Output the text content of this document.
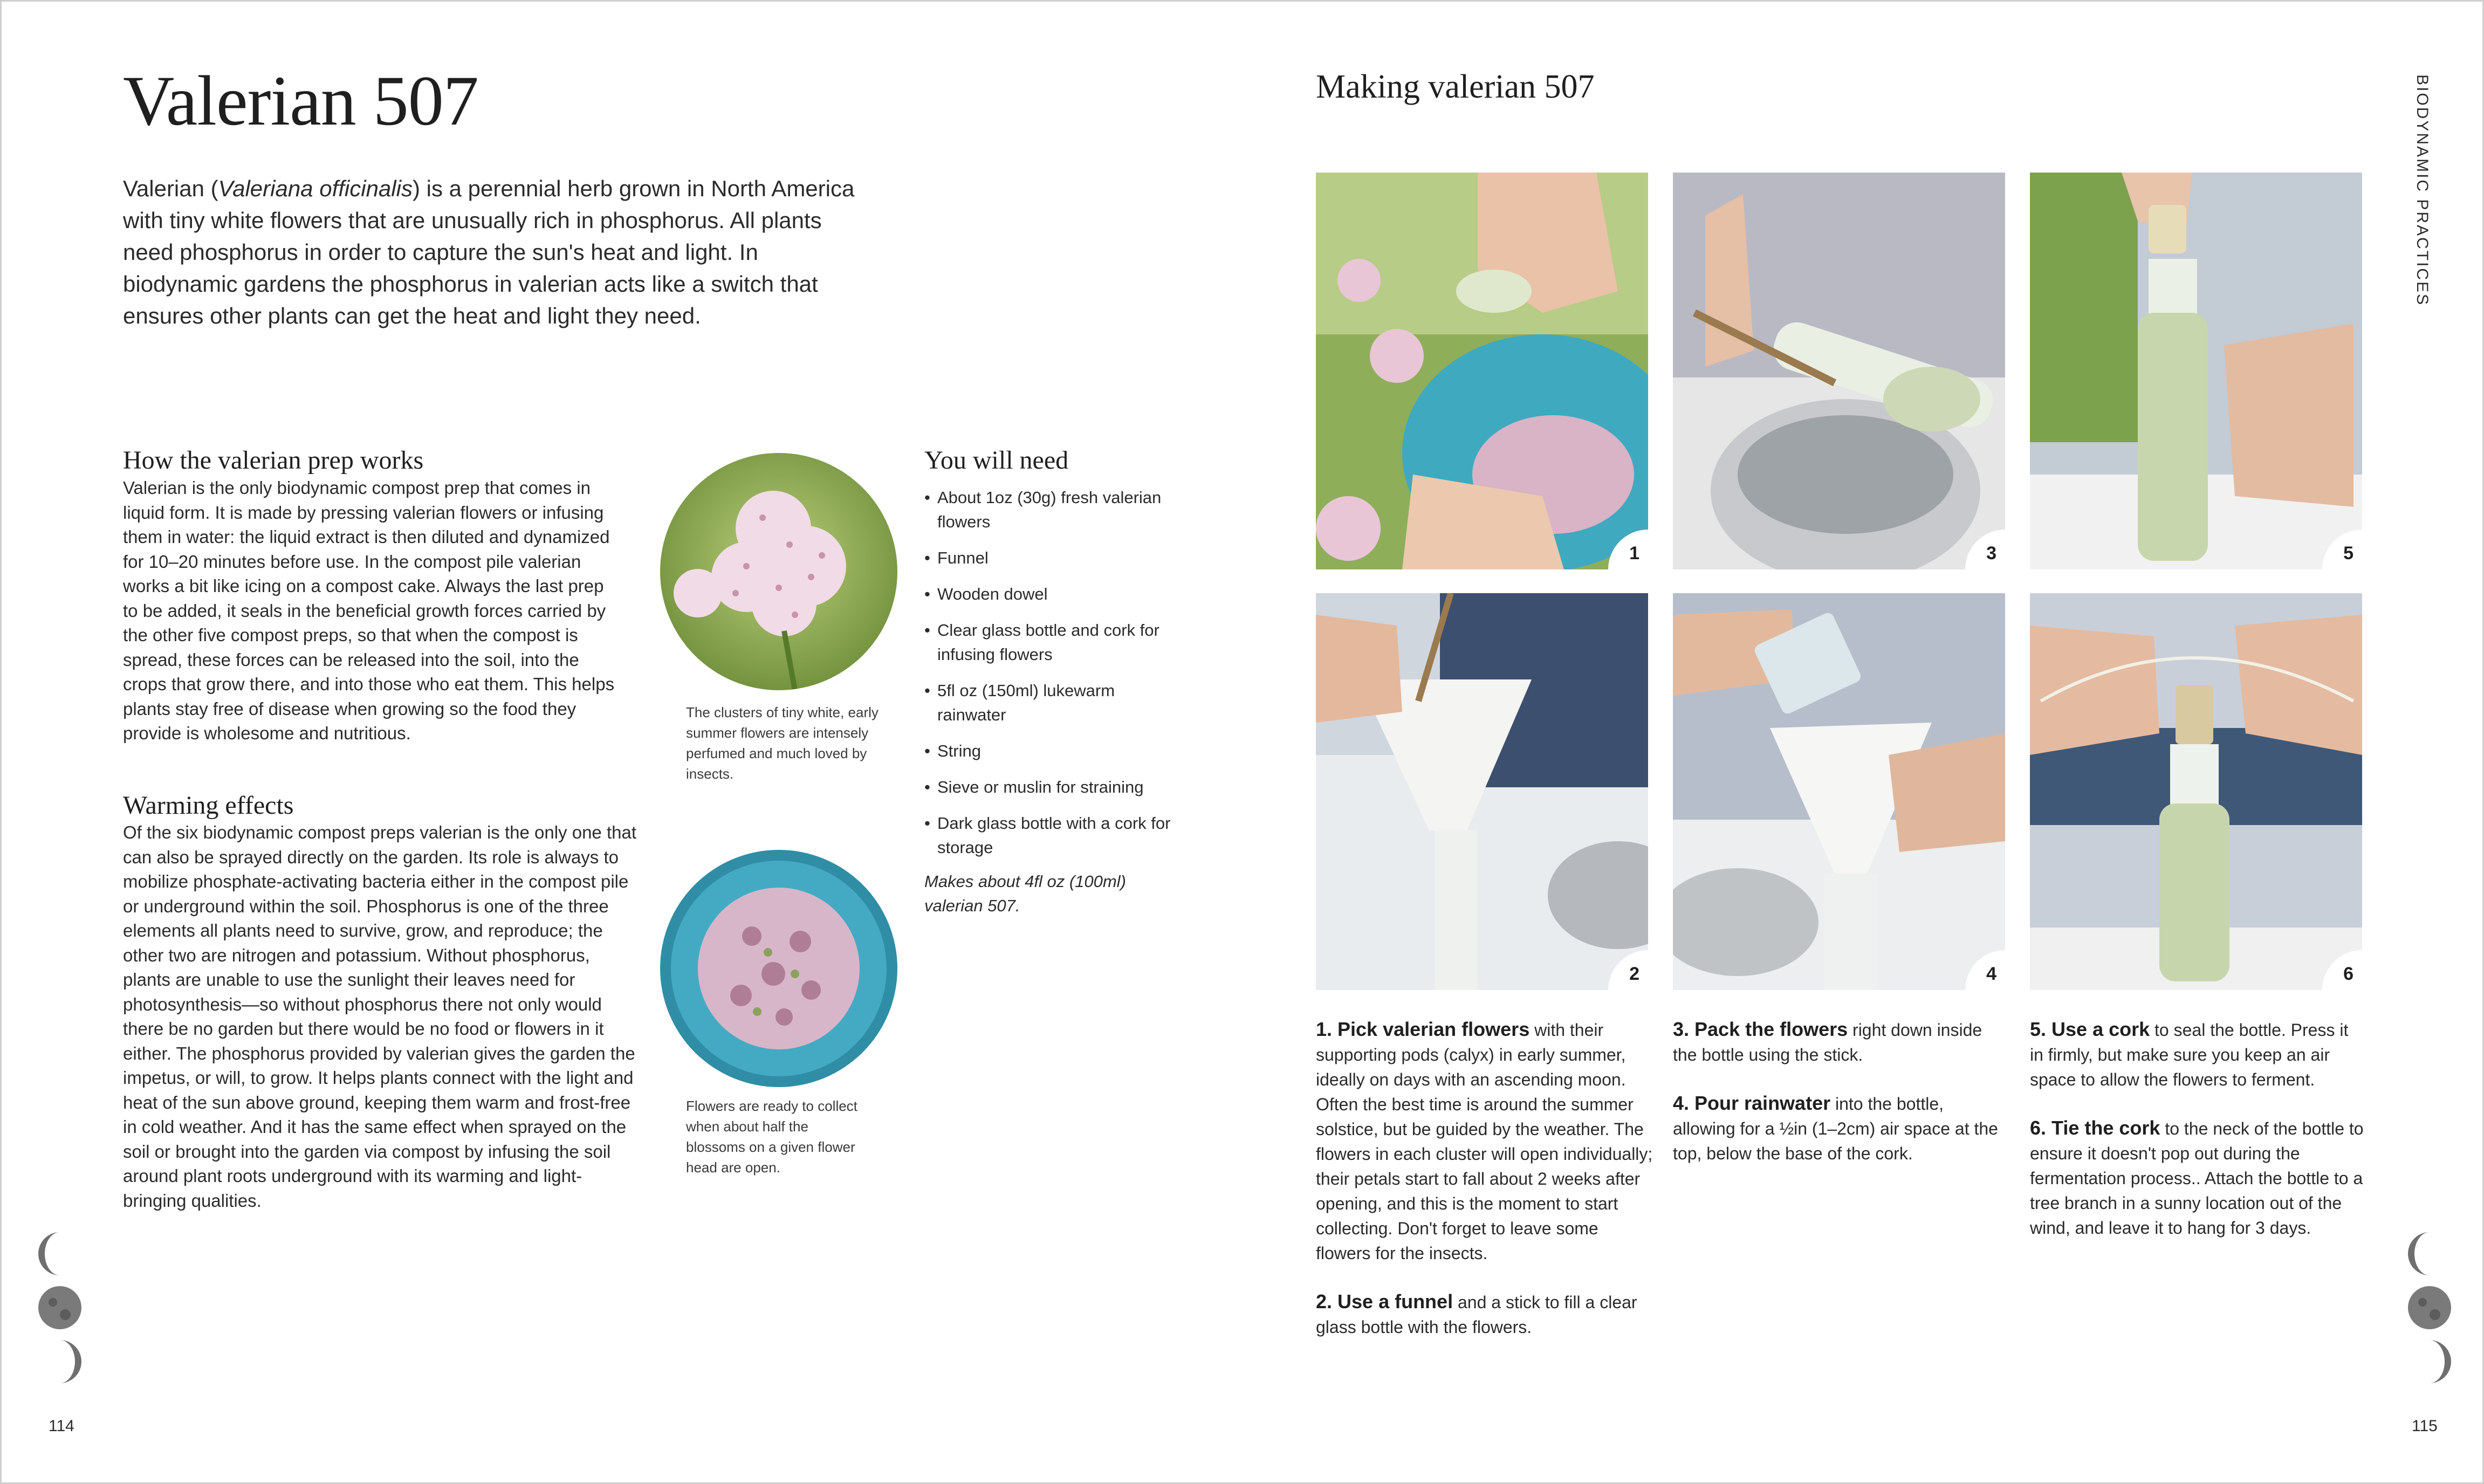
Valerian 507
Valerian (Valeriana officinalis) is a perennial herb grown in North America with tiny white flowers that are unusually rich in phosphorus. All plants need phosphorus in order to capture the sun's heat and light. In biodynamic gardens the phosphorus in valerian acts like a switch that ensures other plants can get the heat and light they need.
How the valerian prep works
Valerian is the only biodynamic compost prep that comes in liquid form. It is made by pressing valerian flowers or infusing them in water: the liquid extract is then diluted and dynamized for 10–20 minutes before use. In the compost pile valerian works a bit like icing on a compost cake. Always the last prep to be added, it seals in the beneficial growth forces carried by the other five compost preps, so that when the compost is spread, these forces can be released into the soil, into the crops that grow there, and into those who eat them. This helps plants stay free of disease when growing so the food they provide is wholesome and nutritious.
Warming effects
Of the six biodynamic compost preps valerian is the only one that can also be sprayed directly on the garden. Its role is always to mobilize phosphate-activating bacteria either in the compost pile or underground within the soil. Phosphorus is one of the three elements all plants need to survive, grow, and reproduce; the other two are nitrogen and potassium. Without phosphorus, plants are unable to use the sunlight their leaves need for photosynthesis—so without phosphorus there not only would there be no garden but there would be no food or flowers in it either. The phosphorus provided by valerian gives the garden the impetus, or will, to grow. It helps plants connect with the light and heat of the sun above ground, keeping them warm and frost-free in cold weather. And it has the same effect when sprayed on the soil or brought into the garden via compost by infusing the soil around plant roots underground with its warming and light-bringing qualities.
The clusters of tiny white, early summer flowers are intensely perfumed and much loved by insects.
Flowers are ready to collect when about half the blossoms on a given flower head are open.
You will need
• About 1oz (30g) fresh valerian flowers
• Funnel
• Wooden dowel
• Clear glass bottle and cork for infusing flowers
• 5fl oz (150ml) lukewarm rainwater
• String
• Sieve or muslin for straining
• Dark glass bottle with a cork for storage
Makes about 4fl oz (100ml) valerian 507.
114
Making valerian 507	BIODYNAMIC PRACTICES
1	3	5
2	4	6

1. Pick valerian flowers with their supporting pods (calyx) in early summer, ideally on days with an ascending moon. Often the best time is around the summer solstice, but be guided by the weather. The flowers in each cluster will open individually; their petals start to fall about 2 weeks after opening, and this is the moment to start collecting. Don't forget to leave some flowers for the insects.

2. Use a funnel and a stick to fill a clear glass bottle with the flowers.

3. Pack the flowers right down inside the bottle using the stick.

4. Pour rainwater into the bottle, allowing for a ½in (1–2cm) air space at the top, below the base of the cork.

5. Use a cork to seal the bottle. Press it in firmly, but make sure you keep an air space to allow the flowers to ferment.

6. Tie the cork to the neck of the bottle to ensure it doesn't pop out during the fermentation process.. Attach the bottle to a tree branch in a sunny location out of the wind, and leave it to hang for 3 days.

115
